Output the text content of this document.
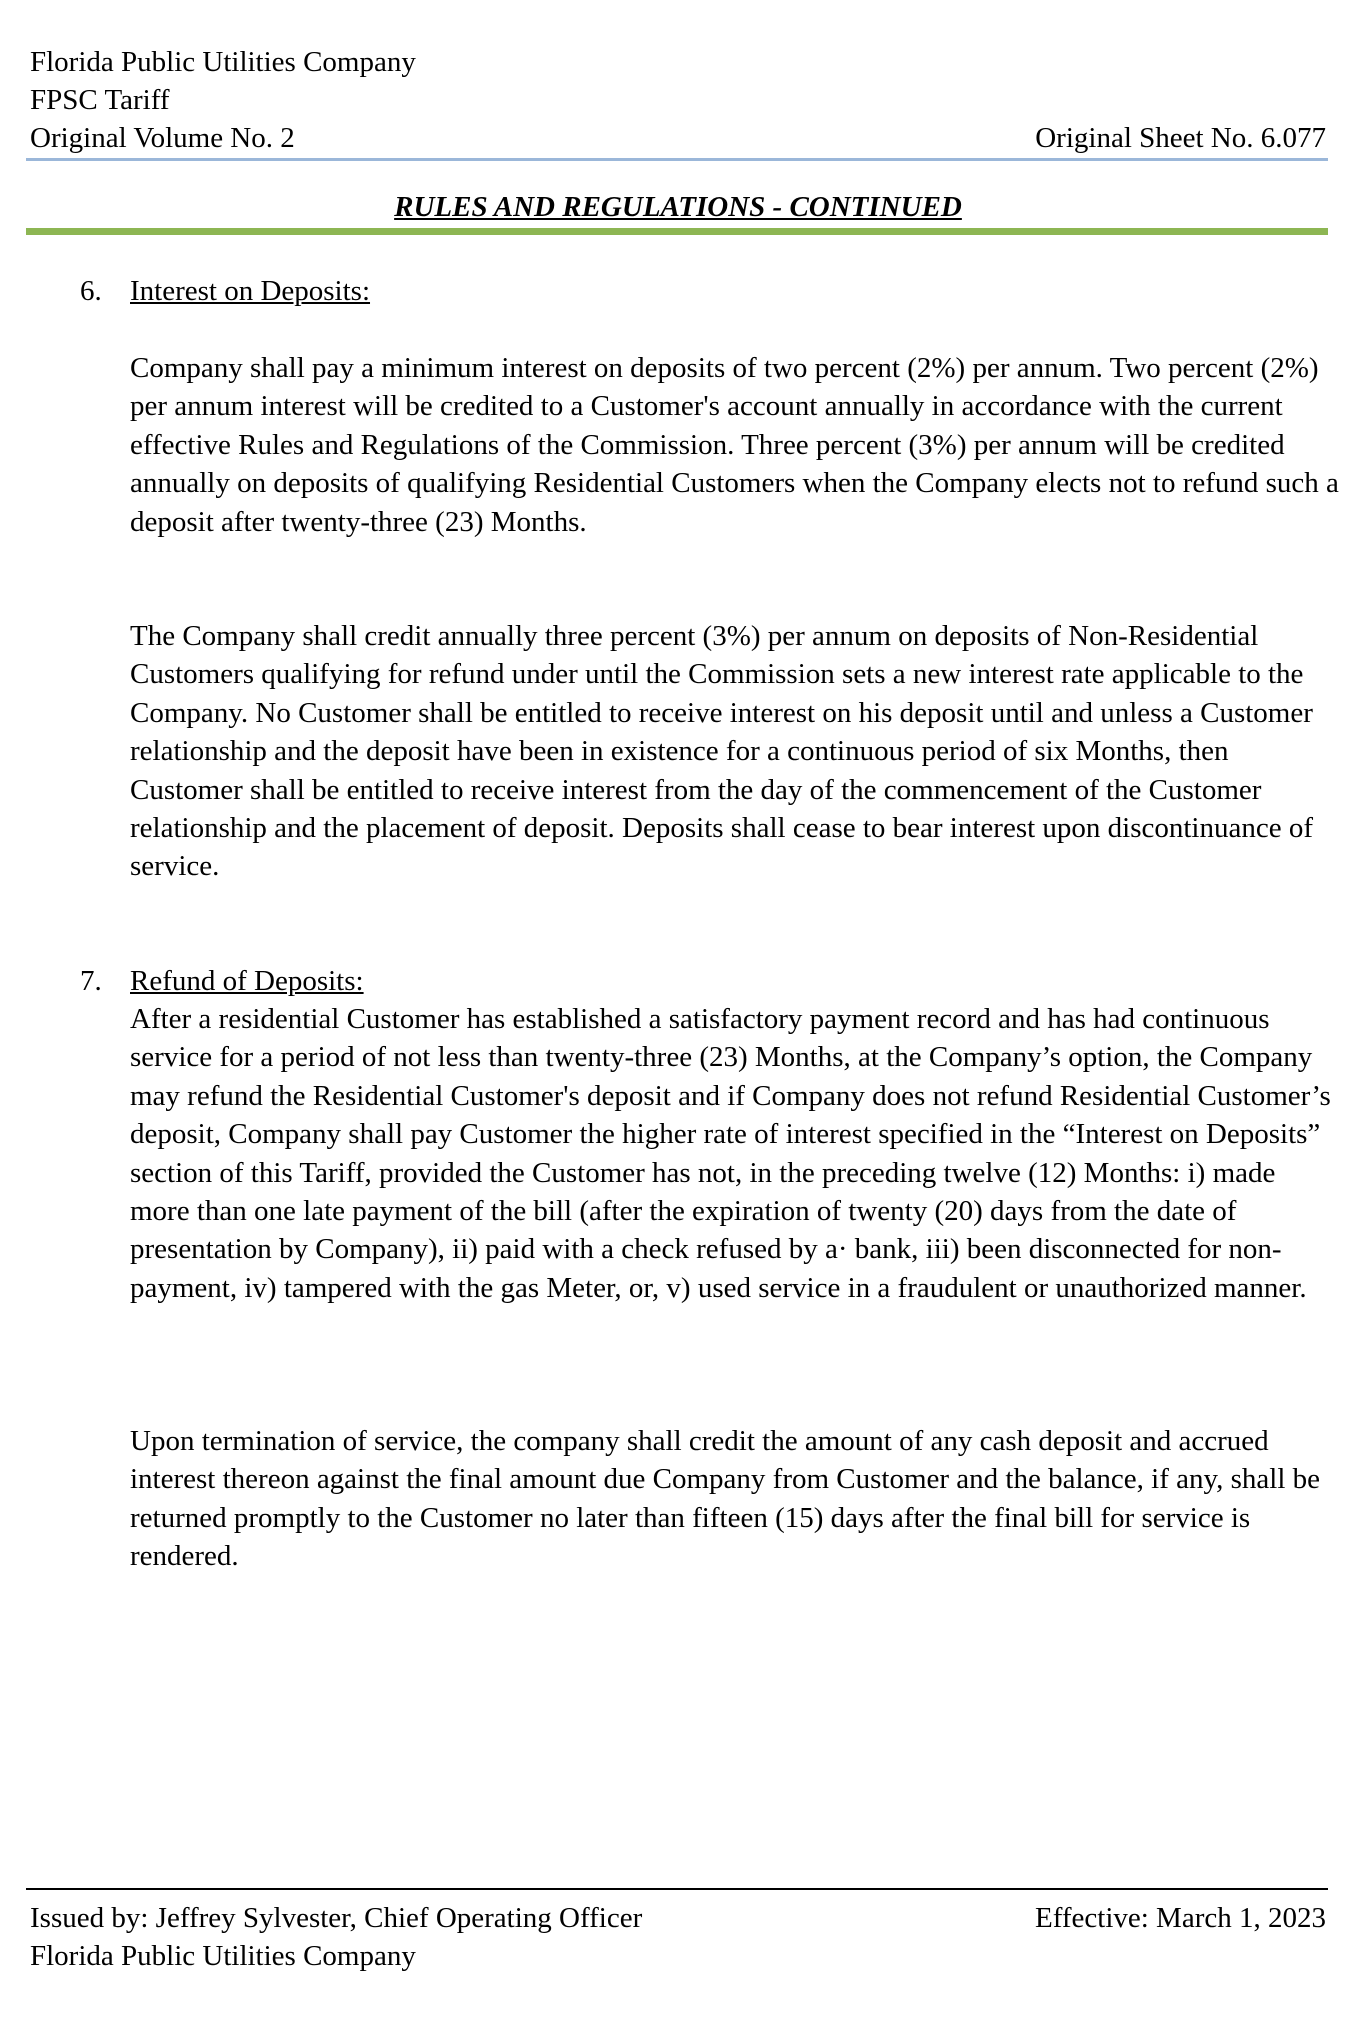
Florida Public Utilities Company
FPSC Tariff
Original Volume No. 2	Original Sheet No. 6.077
RULES AND REGULATIONS - CONTINUED
6. Interest on Deposits:

Company shall pay a minimum interest on deposits of two percent (2%) per annum. Two percent (2%) per annum interest will be credited to a Customer's account annually in accordance with the current effective Rules and Regulations of the Commission. Three percent (3%) per annum will be credited annually on deposits of qualifying Residential Customers when the Company elects not to refund such a deposit after twenty-three (23) Months.

The Company shall credit annually three percent (3%) per annum on deposits of Non-Residential Customers qualifying for refund under until the Commission sets a new interest rate applicable to the Company. No Customer shall be entitled to receive interest on his deposit until and unless a Customer relationship and the deposit have been in existence for a continuous period of six Months, then Customer shall be entitled to receive interest from the day of the commencement of the Customer relationship and the placement of deposit. Deposits shall cease to bear interest upon discontinuance of service.

7. Refund of Deposits:

After a residential Customer has established a satisfactory payment record and has had continuous service for a period of not less than twenty-three (23) Months, at the Company’s option, the Company may refund the Residential Customer's deposit and if Company does not refund Residential Customer’s deposit, Company shall pay Customer the higher rate of interest specified in the “Interest on Deposits” section of this Tariff, provided the Customer has not, in the preceding twelve (12) Months: i) made more than one late payment of the bill (after the expiration of twenty (20) days from the date of presentation by Company), ii) paid with a check refused by a· bank, iii) been disconnected for non-payment, iv) tampered with the gas Meter, or, v) used service in a fraudulent or unauthorized manner.

Upon termination of service, the company shall credit the amount of any cash deposit and accrued interest thereon against the final amount due Company from Customer and the balance, if any, shall be returned promptly to the Customer no later than fifteen (15) days after the final bill for service is rendered.

Issued by: Jeffrey Sylvester, Chief Operating Officer	Effective: March 1, 2023
Florida Public Utilities Company
